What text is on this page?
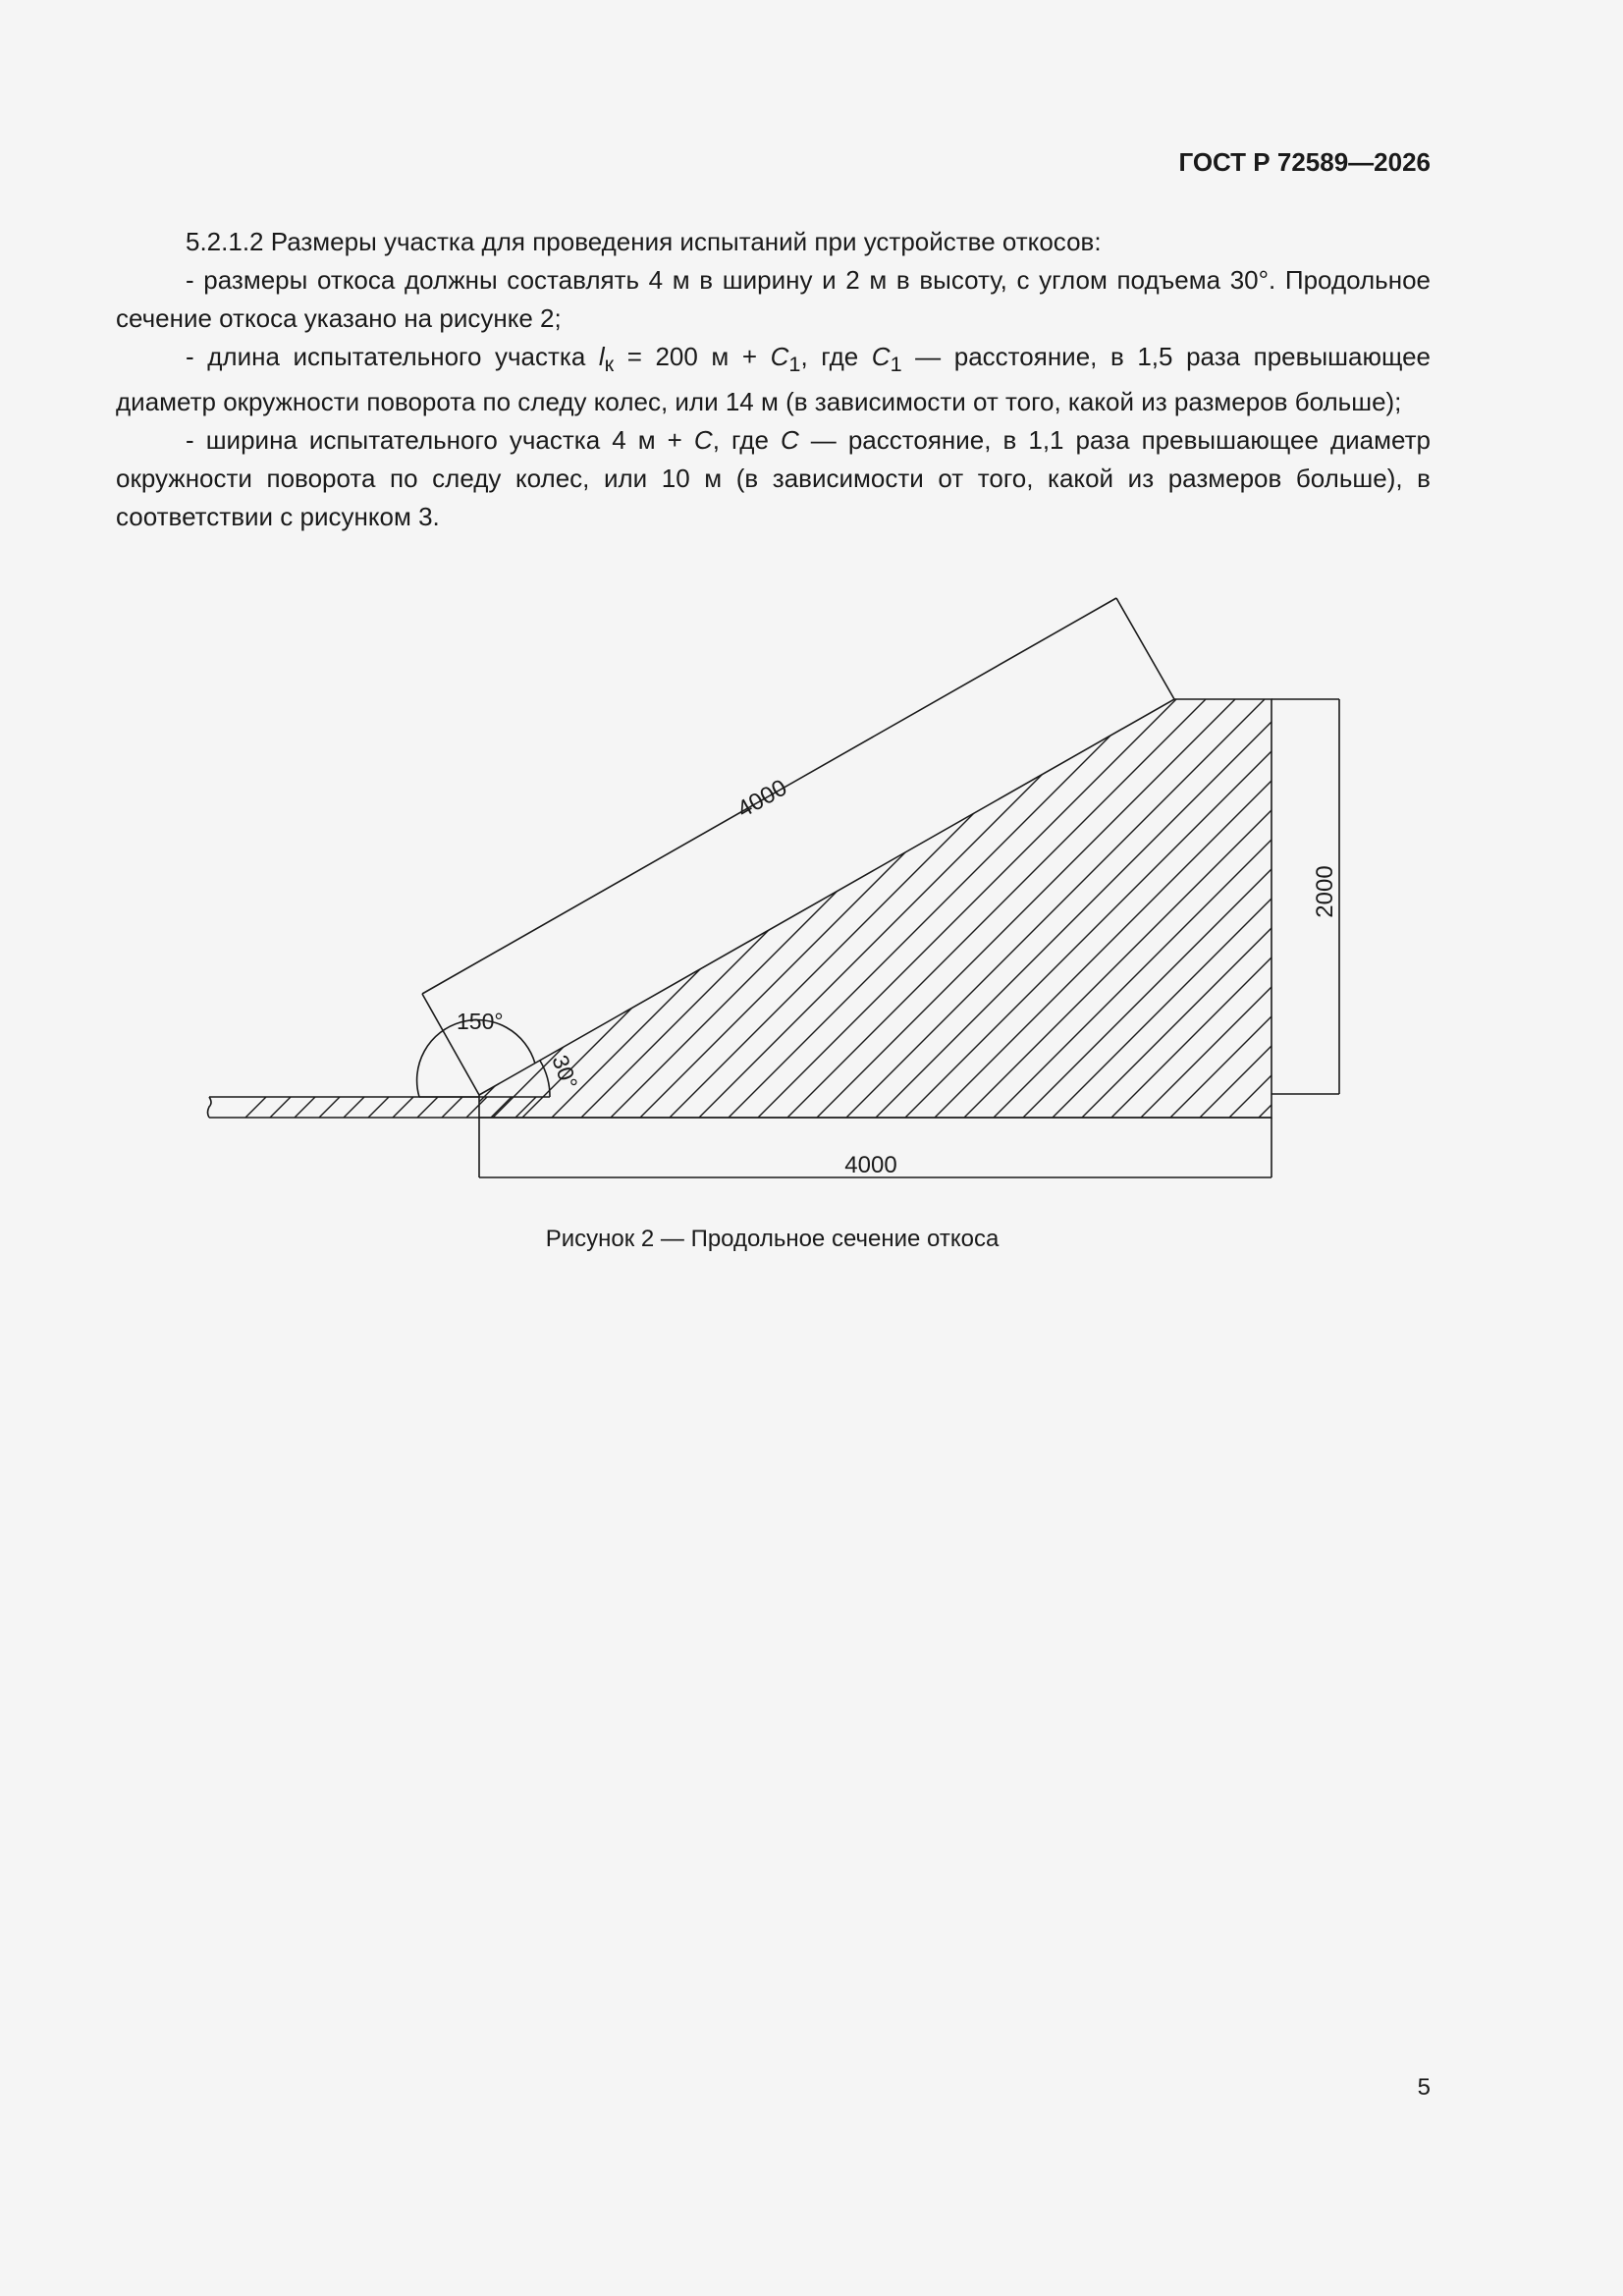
ГОСТ Р 72589—2026

5.2.1.2 Размеры участка для проведения испытаний при устройстве откосов:

- размеры откоса должны составлять 4 м в ширину и 2 м в высоту, с углом подъема 30°. Продольное сечение откоса указано на рисунке 2;

- длина испытательного участка $l_к = 200$ $м + C_1$, где $C_1$ — расстояние, в 1,5 раза превышающее диаметр окружности поворота по следу колес, или 14 м (в зависимости от того, какой из размеров больше);

- ширина испытательного участка 4 м + C, где C — расстояние, в 1,1 раза превышающее диаметр окружности поворота по следу колес, или 10 м (в зависимости от того, какой из размеров больше), в соответствии с рисунком 3.

4000
2000
4000
150°
30°
Рисунок 2 — Продольное сечение откоса
5
